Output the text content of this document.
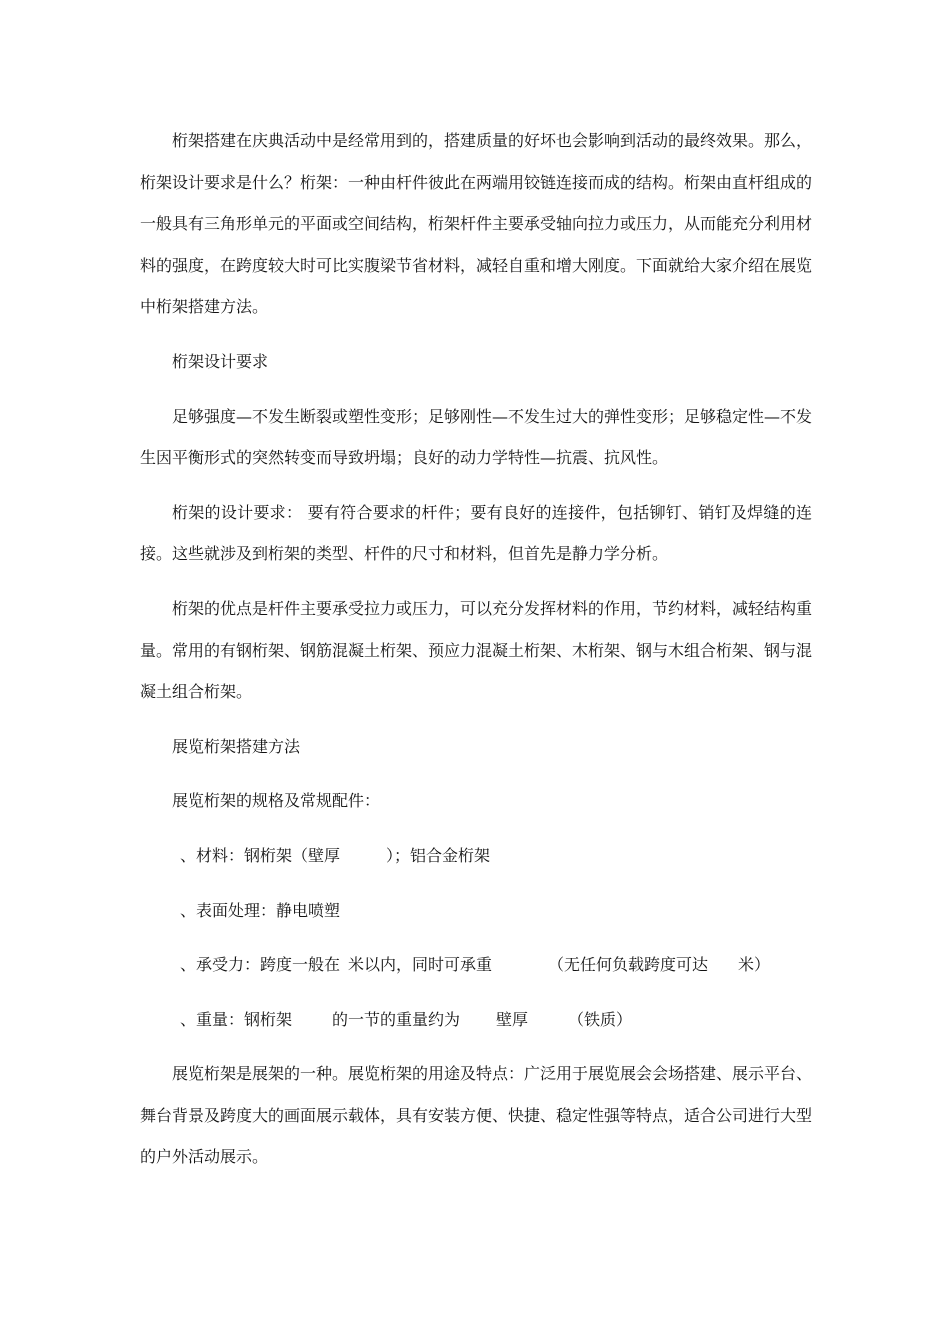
桁架搭建在庆典活动中是经常用到的，搭建质量的好坏也会影响到活动的最终效果。那么，桁架设计要求是什么？桁架：一种由杆件彼此在两端用铰链连接而成的结构。桁架由直杆组成的一般具有三角形单元的平面或空间结构，桁架杆件主要承受轴向拉力或压力，从而能充分利用材料的强度，在跨度较大时可比实腹梁节省材料，减轻自重和增大刚度。下面就给大家介绍在展览中桁架搭建方法。

桁架设计要求

足够强度—不发生断裂或塑性变形；足够刚性—不发生过大的弹性变形；足够稳定性—不发生因平衡形式的突然转变而导致坍塌；良好的动力学特性—抗震、抗风性。

桁架的设计要求： 要有符合要求的杆件；要有良好的连接件，包括铆钉、销钉及焊缝的连接。这些就涉及到桁架的类型、杆件的尺寸和材料，但首先是静力学分析。

桁架的优点是杆件主要承受拉力或压力，可以充分发挥材料的作用，节约材料，减轻结构重量。常用的有钢桁架、钢筋混凝土桁架、预应力混凝土桁架、木桁架、钢与木组合桁架、钢与混凝土组合桁架。

展览桁架搭建方法

展览桁架的规格及常规配件：

、材料：钢桁架（壁厚	）；铝合金桁架
、表面处理：静电喷塑
、承受力：跨度一般在 米以内，同时可承重	（无任何负载跨度可达 米）
、重量：钢桁架	的一节的重量约为 壁厚	（铁质）

展览桁架是展架的一种。展览桁架的用途及特点：广泛用于展览展会会场搭建、展示平台、舞台背景及跨度大的画面展示载体，具有安装方便、快捷、稳定性强等特点，适合公司进行大型的户外活动展示。
